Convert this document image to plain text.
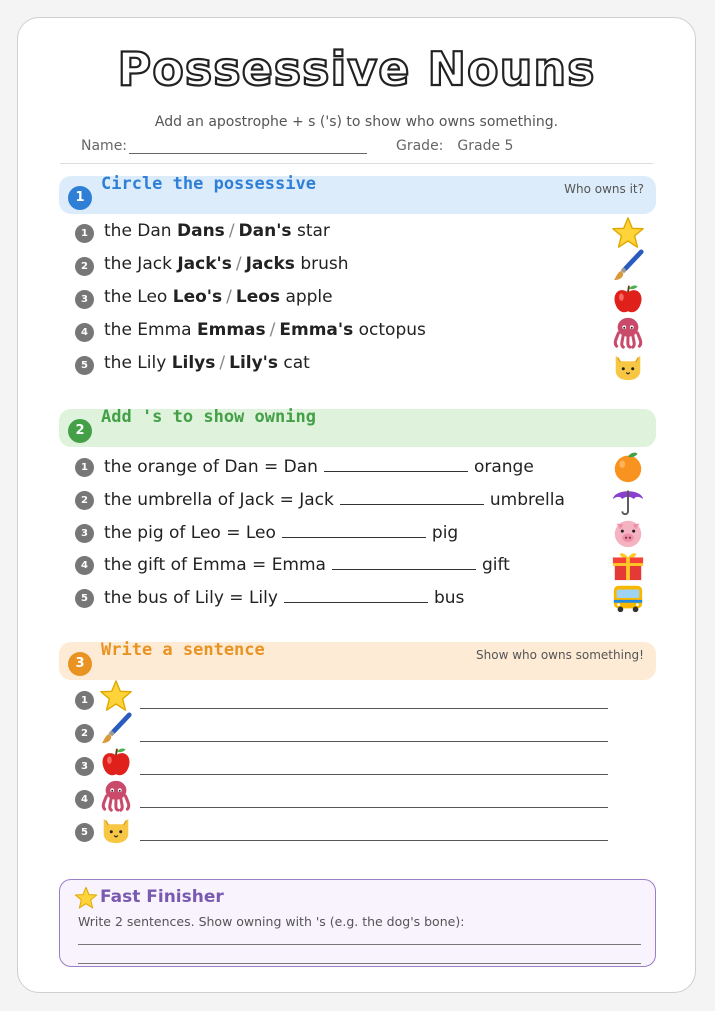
Possessive Nouns
Add an apostrophe + s ('s) to show who owns something.
Name:	Grade: Grade 5
1
Circle the possessive	Who owns it?
1 the Dan Dans / Dan's star
2 the Jack Jack's / Jacks brush
3 the Leo Leo's / Leos apple
4 the Emma Emmas / Emma's octopus
5 the Lily Lilys / Lily's cat
2
Add 's to show owning
1 the orange of Dan = Dan	orange
2 the umbrella of Jack = Jack	umbrella
3 the pig of Leo = Leo	pig
4 the gift of Emma = Emma	gift
5 the bus of Lily = Lily	bus
3
Write a sentence	Show who owns something!
1
2
3
4
5
Fast Finisher
Write 2 sentences. Show owning with 's (e.g. the dog's bone):
